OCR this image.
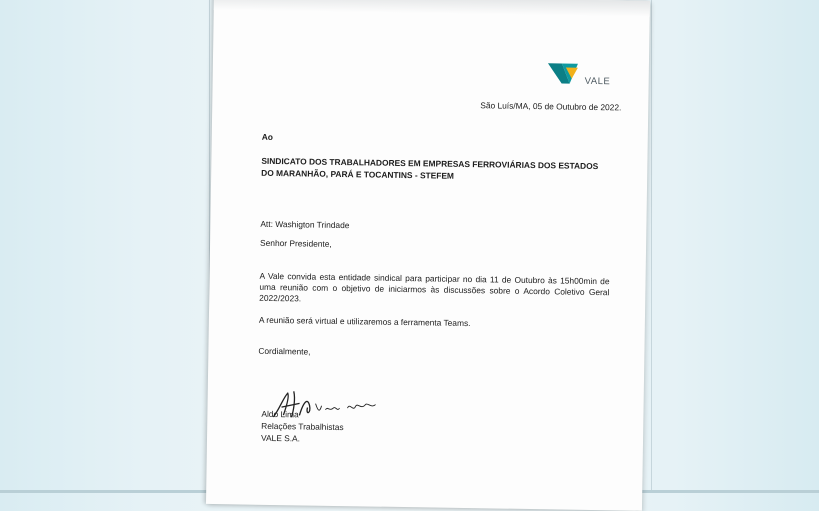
VALE
São Luís/MA, 05 de Outubro de 2022.
Ao
SINDICATO DOS TRABALHADORES EM EMPRESAS FERROVIÁRIAS DOS ESTADOS
DO MARANHÃO, PARÁ E TOCANTINS - STEFEM
Att: Washigton Trindade
Senhor Presidente,
A Vale convida esta entidade sindical para participar no dia 11 de Outubro às 15h00min de uma reunião com o objetivo de iniciarmos às discussões sobre o Acordo Coletivo Geral 2022/2023.
A reunião será virtual e utilizaremos a ferramenta Teams.
Cordialmente,
Aldo Lima
Relações Trabalhistas
VALE S.A.
